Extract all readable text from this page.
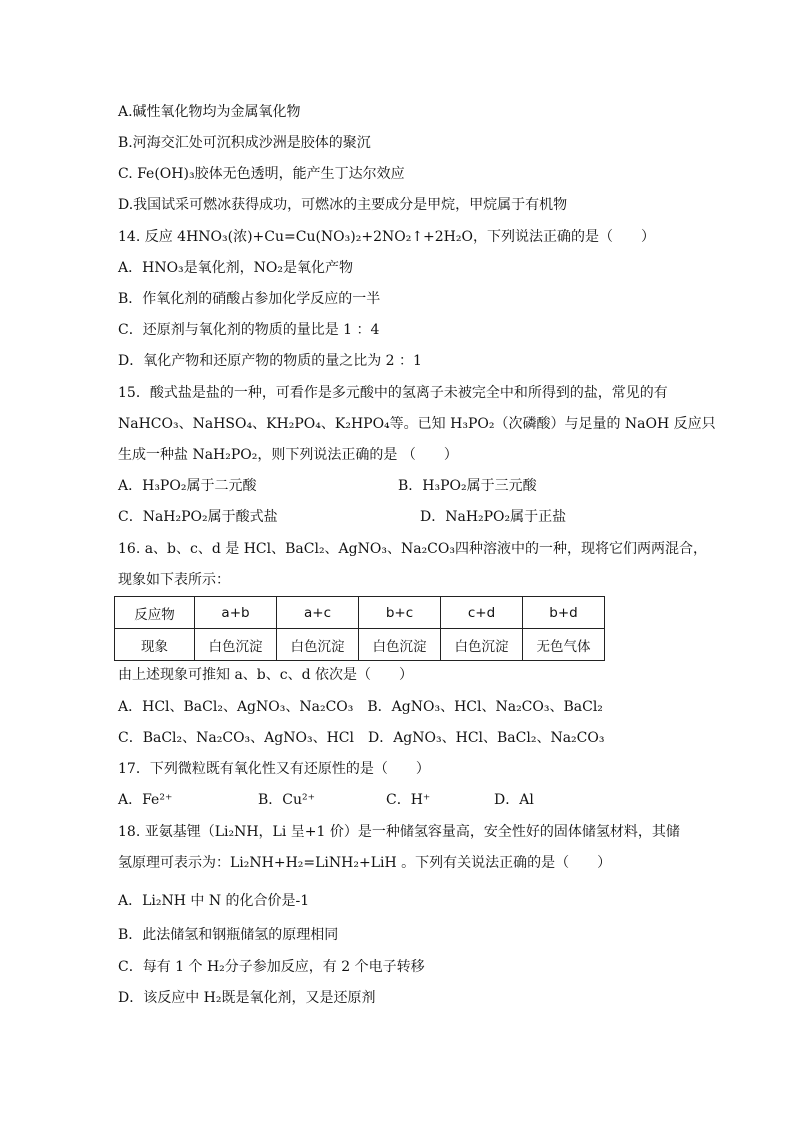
A.碱性氧化物均为金属氧化物
B.河海交汇处可沉积成沙洲是胶体的聚沉
C. Fe(OH)₃胶体无色透明，能产生丁达尔效应
D.我国试采可燃冰获得成功，可燃冰的主要成分是甲烷，甲烷属于有机物
14. 反应 4HNO₃(浓)+Cu=Cu(NO₃)₂+2NO₂↑+2H₂O，下列说法正确的是（　　）
A．HNO₃是氧化剂，NO₂是氧化产物
B．作氧化剂的硝酸占参加化学反应的一半
C．还原剂与氧化剂的物质的量比是 1 ：4
D．氧化产物和还原产物的物质的量之比为 2 ：1
15．酸式盐是盐的一种，可看作是多元酸中的氢离子未被完全中和所得到的盐，常见的有
NaHCO₃、NaHSO₄、KH₂PO₄、K₂HPO₄等。已知 H₃PO₂（次磷酸）与足量的 NaOH 反应只
生成一种盐 NaH₂PO₂，则下列说法正确的是 （　　）
A．H₃PO₂属于二元酸	B．H₃PO₂属于三元酸
C．NaH₂PO₂属于酸式盐	D．NaH₂PO₂属于正盐
16. a、b、c、d 是 HCl、BaCl₂、AgNO₃、Na₂CO₃四种溶液中的一种，现将它们两两混合，
现象如下表所示：
反应物	a+b	a+c	b+c	c+d	b+d
现象	白色沉淀	白色沉淀	白色沉淀	白色沉淀	无色气体
由上述现象可推知 a、b、c、d 依次是（　　）
A．HCl、BaCl₂、AgNO₃、Na₂CO₃　B．AgNO₃、HCl、Na₂CO₃、BaCl₂
C．BaCl₂、Na₂CO₃、AgNO₃、HCl　D．AgNO₃、HCl、BaCl₂、Na₂CO₃
17．下列微粒既有氧化性又有还原性的是（　　）
A．Fe²⁺	B．Cu²⁺	C．H⁺	D．Al
18. 亚氨基锂（Li₂NH，Li 呈+1 价）是一种储氢容量高，安全性好的固体储氢材料，其储
氢原理可表示为：Li₂NH+H₂=LiNH₂+LiH 。下列有关说法正确的是（　　）
A．Li₂NH 中 N 的化合价是-1
B．此法储氢和钢瓶储氢的原理相同
C．每有 1 个 H₂分子参加反应，有 2 个电子转移
D．该反应中 H₂既是氧化剂，又是还原剂
